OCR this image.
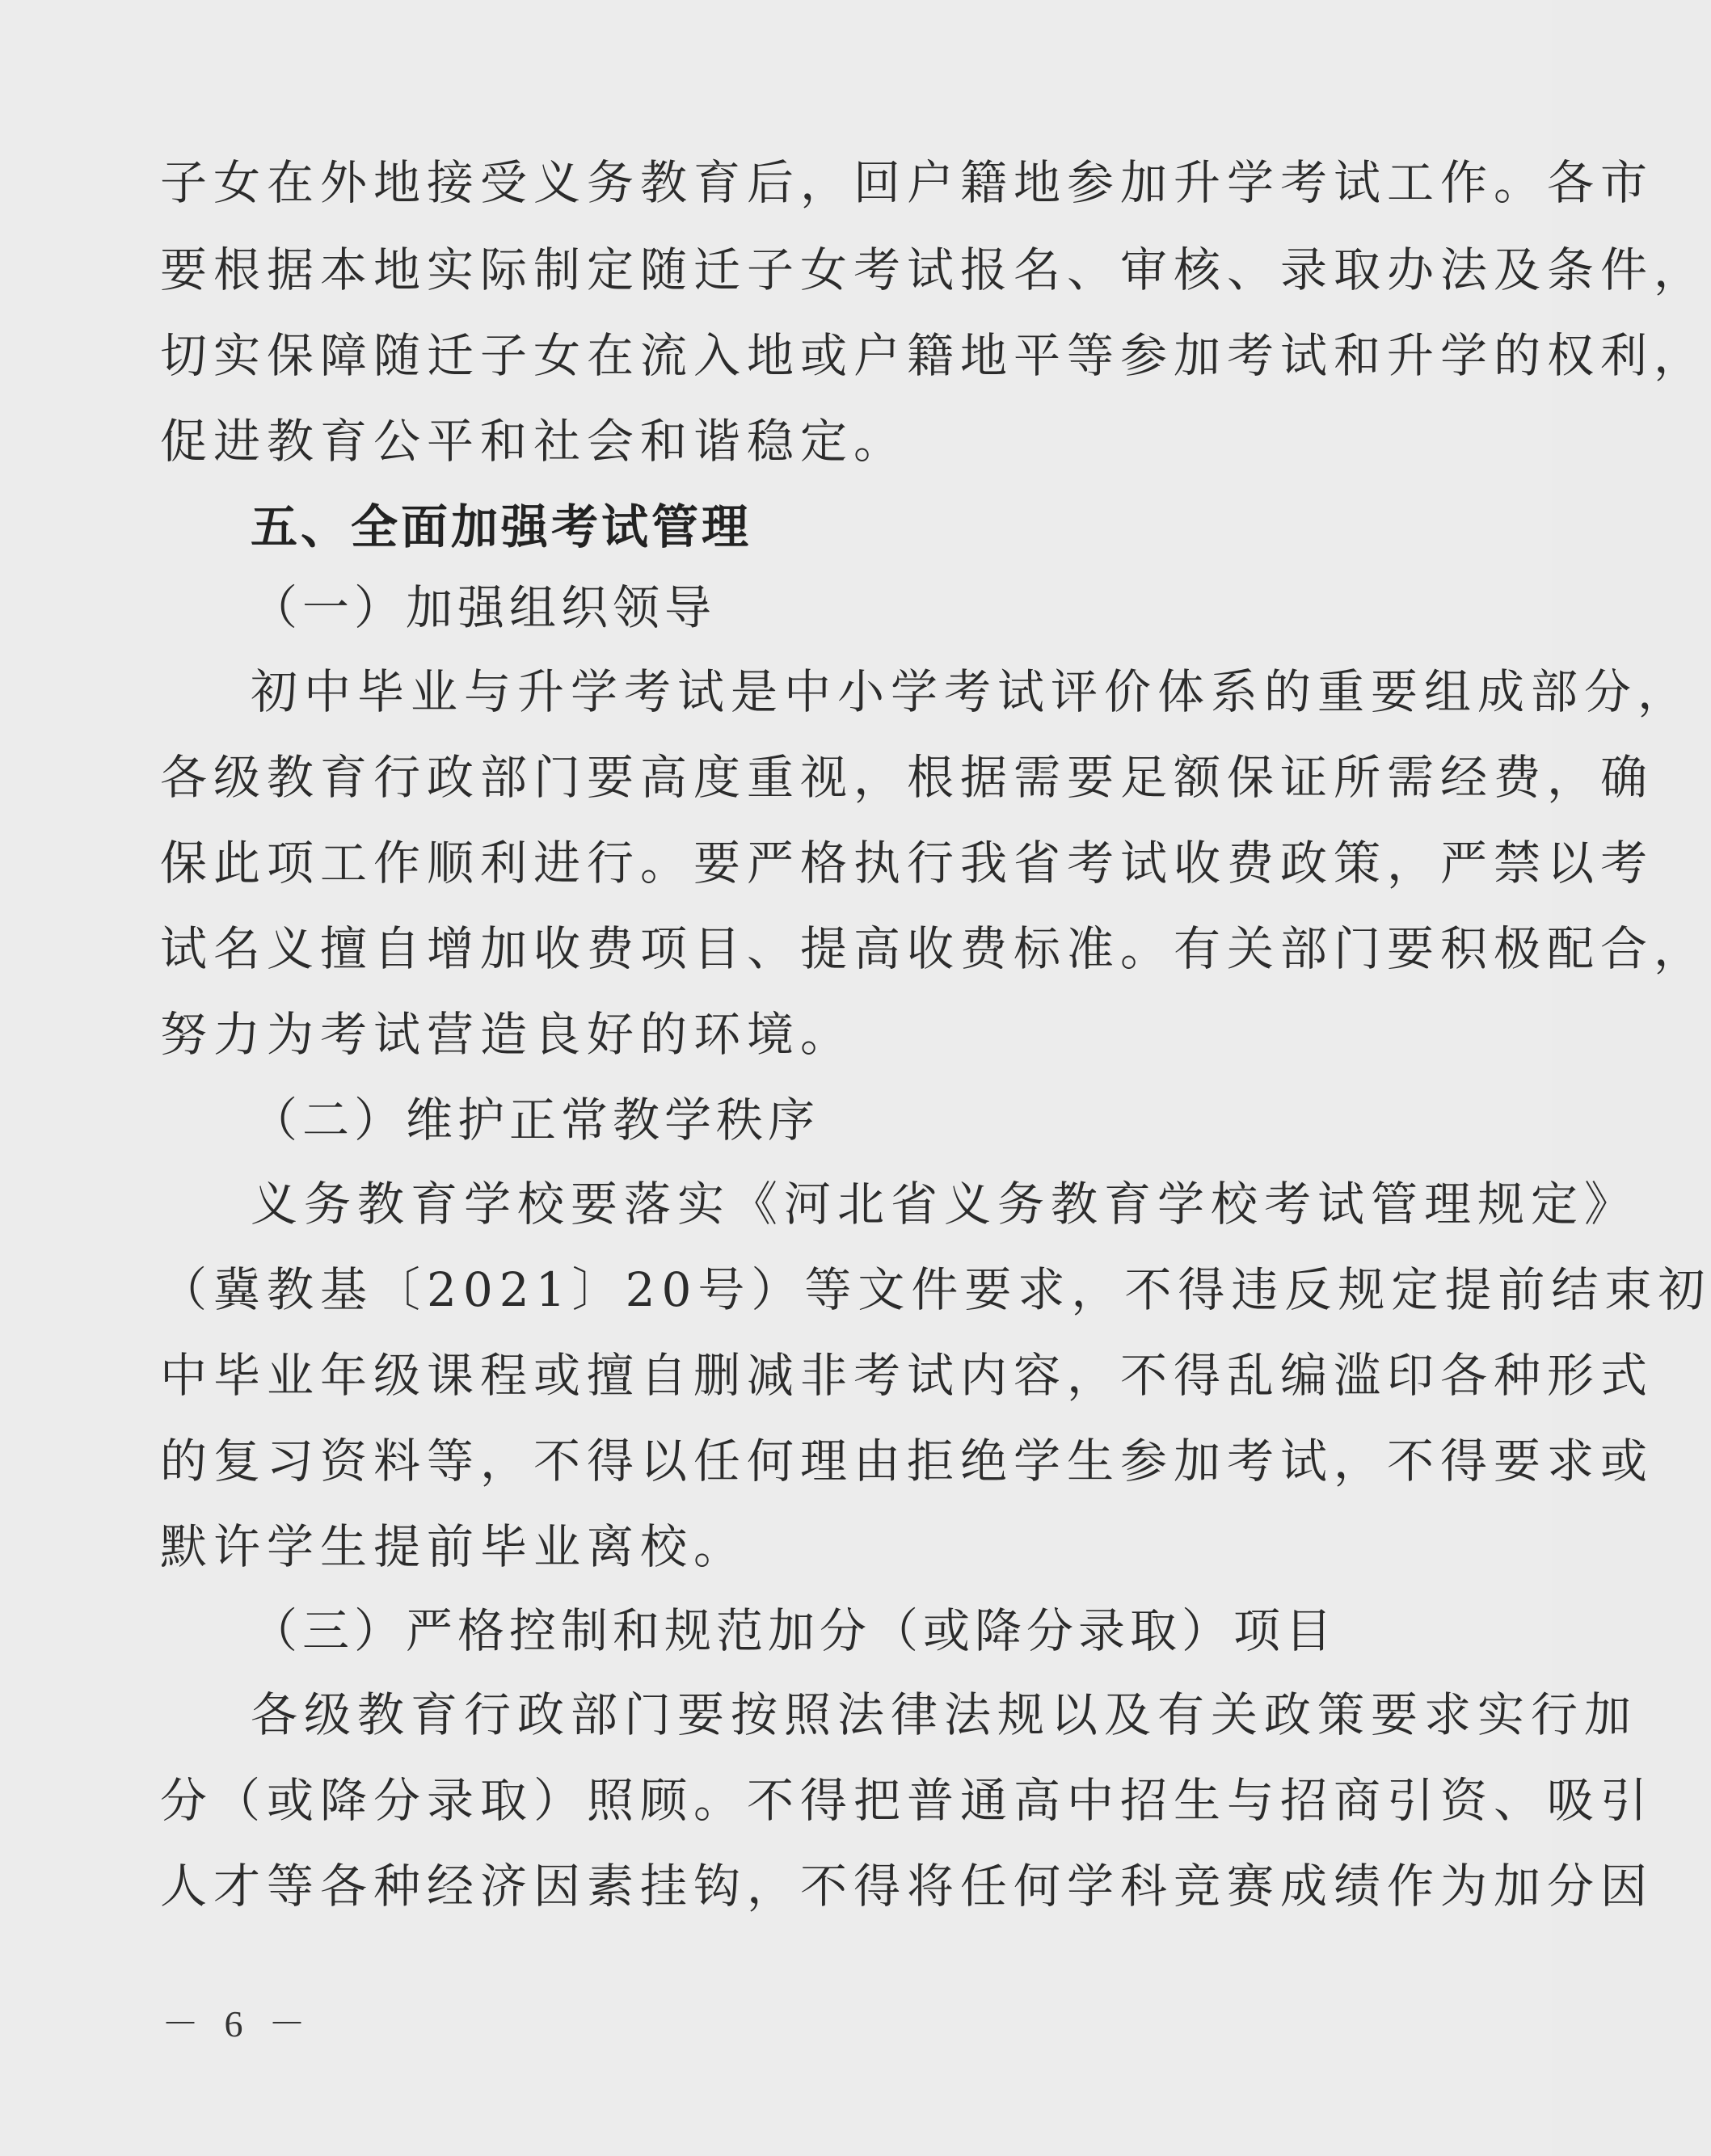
子女在外地接受义务教育后，回户籍地参加升学考试工作。各市

要根据本地实际制定随迁子女考试报名、审核、录取办法及条件，

切实保障随迁子女在流入地或户籍地平等参加考试和升学的权利，

促进教育公平和社会和谐稳定。

五、全面加强考试管理

（一）加强组织领导

初中毕业与升学考试是中小学考试评价体系的重要组成部分，

各级教育行政部门要高度重视，根据需要足额保证所需经费，确

保此项工作顺利进行。要严格执行我省考试收费政策，严禁以考

试名义擅自增加收费项目、提高收费标准。有关部门要积极配合，

努力为考试营造良好的环境。

（二）维护正常教学秩序

义务教育学校要落实《河北省义务教育学校考试管理规定》

（冀教基〔2021〕20号）等文件要求，不得违反规定提前结束初

中毕业年级课程或擅自删减非考试内容，不得乱编滥印各种形式

的复习资料等，不得以任何理由拒绝学生参加考试，不得要求或

默许学生提前毕业离校。

（三）严格控制和规范加分（或降分录取）项目

各级教育行政部门要按照法律法规以及有关政策要求实行加

分（或降分录取）照顾。不得把普通高中招生与招商引资、吸引

人才等各种经济因素挂钩，不得将任何学科竞赛成绩作为加分因

－ 6 －
